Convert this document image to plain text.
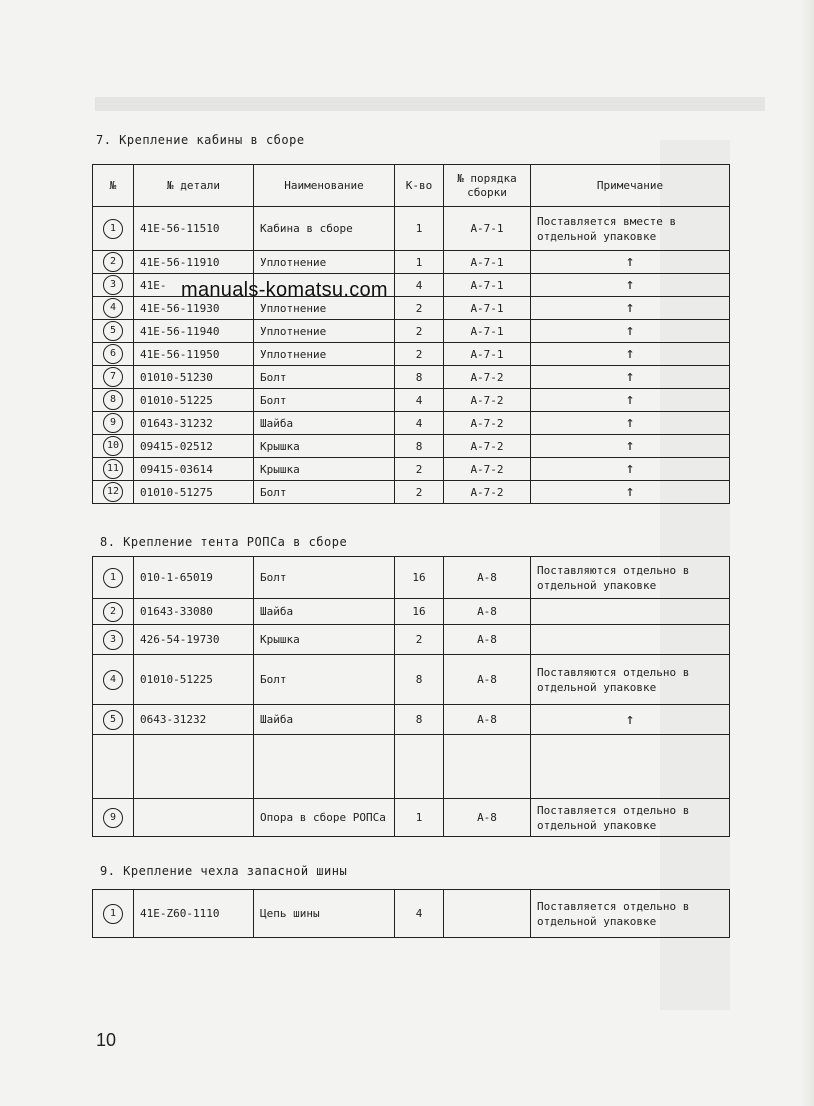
7. Крепление кабины в сборе
№	№ детали	Наименование	К-во	№ порядка сборки	Примечание
1	41Е-56-11510	Кабина в сборе	1	А-7-1	Поставляется вместе в отдельной упаковке
2	41Е-56-11910	Уплотнение	1	А-7-1	↑
3	41Е-		4	А-7-1	↑
4	41Е-56-11930	Уплотнение	2	А-7-1	↑
5	41Е-56-11940	Уплотнение	2	А-7-1	↑
6	41Е-56-11950	Уплотнение	2	А-7-1	↑
7	01010-51230	Болт	8	А-7-2	↑
8	01010-51225	Болт	4	А-7-2	↑
9	01643-31232	Шайба	4	А-7-2	↑
10	09415-02512	Крышка	8	А-7-2	↑
11	09415-03614	Крышка	2	А-7-2	↑
12	01010-51275	Болт	2	А-7-2	↑
manuals-komatsu.com
8. Крепление тента РОПСа в сборе
1	010-1-65019	Болт	16	А-8	Поставляются отдельно в отдельной упаковке
2	01643-33080	Шайба	16	А-8	
3	426-54-19730	Крышка	2	А-8	
4	01010-51225	Болт	8	А-8	Поставляются отдельно в отдельной упаковке
5	0643-31232	Шайба	8	А-8	↑

9		Опора в сборе РОПСа	1	А-8	Поставляется отдельно в отдельной упаковке
9. Крепление чехла запасной шины
1	41Е-Z60-1110	Цепь шины	4		Поставляется отдельно в отдельной упаковке
10
